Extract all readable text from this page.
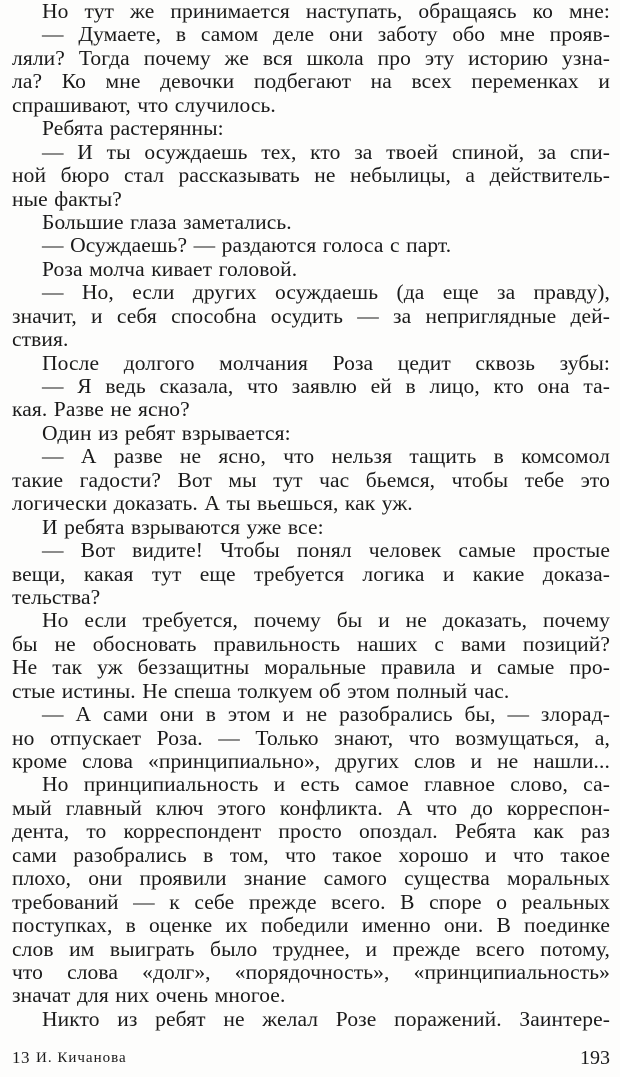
Но тут же принимается наступать, обращаясь ко мне:
— Думаете, в самом деле они заботу обо мне прояв-
ляли? Тогда почему же вся школа про эту историю узна-
ла? Ко мне девочки подбегают на всех переменках и
спрашивают, что случилось.
Ребята растерянны:
— И ты осуждаешь тех, кто за твоей спиной, за спи-
ной бюро стал рассказывать не небылицы, а действитель-
ные факты?
Большие глаза заметались.
— Осуждаешь? — раздаются голоса с парт.
Роза молча кивает головой.
— Но, если других осуждаешь (да еще за правду),
значит, и себя способна осудить — за неприглядные дей-
ствия.
После долгого молчания Роза цедит сквозь зубы:
— Я ведь сказала, что заявлю ей в лицо, кто она та-
кая. Разве не ясно?
Один из ребят взрывается:
— А разве не ясно, что нельзя тащить в комсомол
такие гадости? Вот мы тут час бьемся, чтобы тебе это
логически доказать. А ты вьешься, как уж.
И ребята взрываются уже все:
— Вот видите! Чтобы понял человек самые простые
вещи, какая тут еще требуется логика и какие доказа-
тельства?
Но если требуется, почему бы и не доказать, почему
бы не обосновать правильность наших с вами позиций?
Не так уж беззащитны моральные правила и самые про-
стые истины. Не спеша толкуем об этом полный час.
— А сами они в этом и не разобрались бы, — злорад-
но отпускает Роза. — Только знают, что возмущаться, а,
кроме слова «принципиально», других слов и не нашли...
Но принципиальность и есть самое главное слово, са-
мый главный ключ этого конфликта. А что до корреспон-
дента, то корреспондент просто опоздал. Ребята как раз
сами разобрались в том, что такое хорошо и что такое
плохо, они проявили знание самого существа моральных
требований — к себе прежде всего. В споре о реальных
поступках, в оценке их победили именно они. В поединке
слов им выиграть было труднее, и прежде всего потому,
что слова «долг», «порядочность», «принципиальность»
значат для них очень многое.
Никто из ребят не желал Розе поражений. Заинтере-
13 И. Кичанова	193
